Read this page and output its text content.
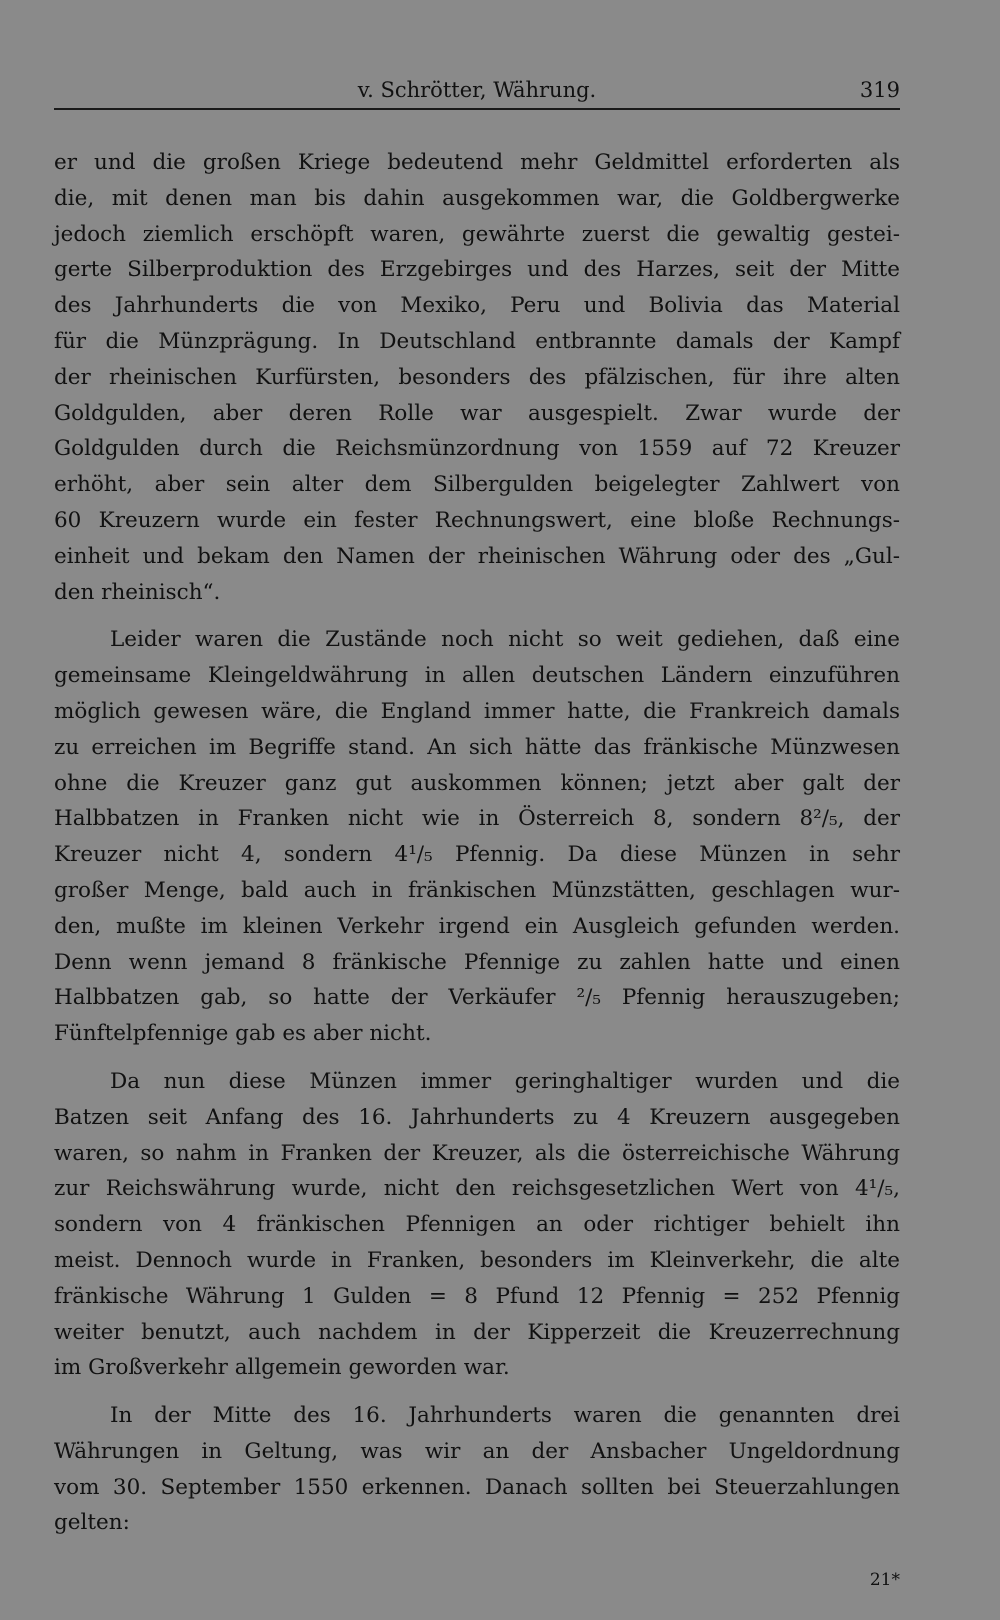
v. Schrötter, Währung.	319
er und die großen Kriege bedeutend mehr Geldmittel erforderten als
die, mit denen man bis dahin ausgekommen war, die Goldbergwerke
jedoch ziemlich erschöpft waren, gewährte zuerst die gewaltig gestei-
gerte Silberproduktion des Erzgebirges und des Harzes, seit der Mitte
des Jahrhunderts die von Mexiko, Peru und Bolivia das Material
für die Münzprägung. In Deutschland entbrannte damals der Kampf
der rheinischen Kurfürsten, besonders des pfälzischen, für ihre alten
Goldgulden, aber deren Rolle war ausgespielt. Zwar wurde der
Goldgulden durch die Reichsmünzordnung von 1559 auf 72 Kreuzer
erhöht, aber sein alter dem Silbergulden beigelegter Zahlwert von
60 Kreuzern wurde ein fester Rechnungswert, eine bloße Rechnungs-
einheit und bekam den Namen der rheinischen Währung oder des „Gul-
den rheinisch“.
Leider waren die Zustände noch nicht so weit gediehen, daß eine
gemeinsame Kleingeldwährung in allen deutschen Ländern einzuführen
möglich gewesen wäre, die England immer hatte, die Frankreich damals
zu erreichen im Begriffe stand. An sich hätte das fränkische Münzwesen
ohne die Kreuzer ganz gut auskommen können; jetzt aber galt der
Halbbatzen in Franken nicht wie in Österreich 8, sondern 8²/₅, der
Kreuzer nicht 4, sondern 4¹/₅ Pfennig. Da diese Münzen in sehr
großer Menge, bald auch in fränkischen Münzstätten, geschlagen wur-
den, mußte im kleinen Verkehr irgend ein Ausgleich gefunden werden.
Denn wenn jemand 8 fränkische Pfennige zu zahlen hatte und einen
Halbbatzen gab, so hatte der Verkäufer ²/₅ Pfennig herauszugeben;
Fünftelpfennige gab es aber nicht.
Da nun diese Münzen immer geringhaltiger wurden und die
Batzen seit Anfang des 16. Jahrhunderts zu 4 Kreuzern ausgegeben
waren, so nahm in Franken der Kreuzer, als die österreichische Währung
zur Reichswährung wurde, nicht den reichsgesetzlichen Wert von 4¹/₅,
sondern von 4 fränkischen Pfennigen an oder richtiger behielt ihn
meist. Dennoch wurde in Franken, besonders im Kleinverkehr, die alte
fränkische Währung 1 Gulden = 8 Pfund 12 Pfennig = 252 Pfennig
weiter benutzt, auch nachdem in der Kipperzeit die Kreuzerrechnung
im Großverkehr allgemein geworden war.
In der Mitte des 16. Jahrhunderts waren die genannten drei
Währungen in Geltung, was wir an der Ansbacher Ungeldordnung
vom 30. September 1550 erkennen. Danach sollten bei Steuerzahlungen
gelten:
21*
